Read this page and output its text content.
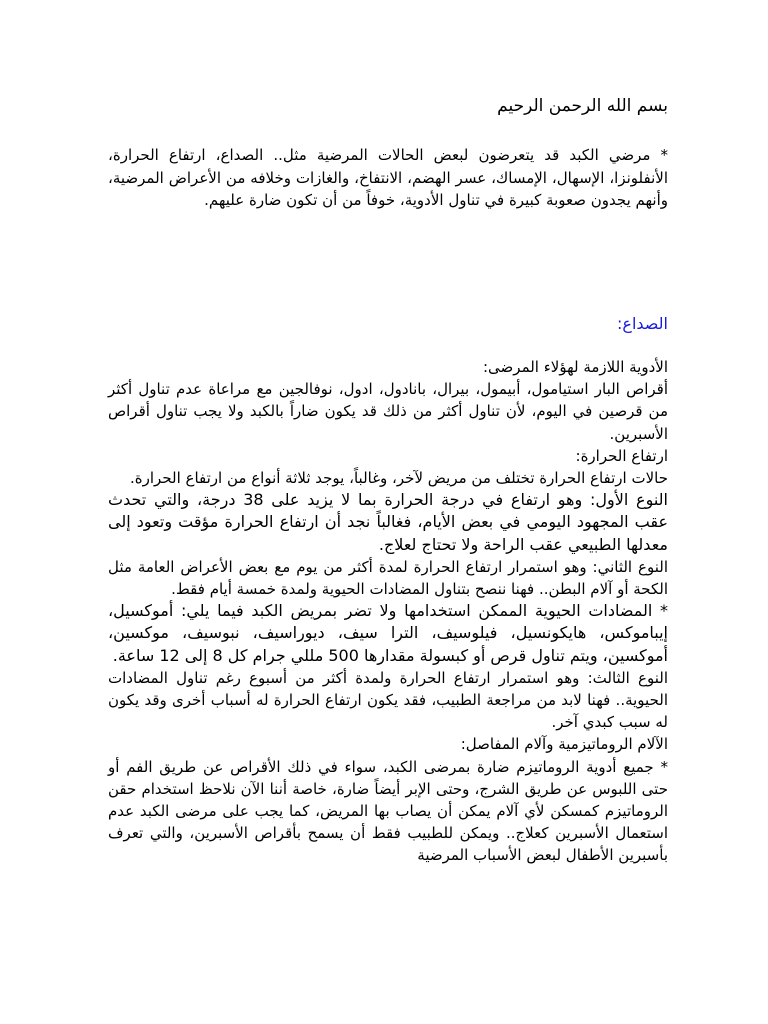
بسم الله الرحمن الرحيم

* مرضي الكبد قد يتعرضون لبعض الحالات المرضية مثل.. الصداع، ارتفاع الحرارة، الأنفلونزا، الإسهال، الإمساك، عسر الهضم، الانتفاخ، والغازات وخلافه من الأعراض المرضية، وأنهم يجدون صعوبة كبيرة في تناول الأدوية، خوفاً من أن تكون ضارة عليهم.

الصداع:

الأدوية اللازمة لهؤلاء المرضى:

أقراص البار استيامول، أبيمول، بيرال، بانادول، ادول، نوفالجين مع مراعاة عدم تناول أكثر من قرصين في اليوم، لأن تناول أكثر من ذلك قد يكون ضاراً بالكبد ولا يجب تناول أقراص الأسبرين.

ارتفاع الحرارة:

حالات ارتفاع الحرارة تختلف من مريض لآخر، وغالباً، يوجد ثلاثة أنواع من ارتفاع الحرارة.

النوع الأول: وهو ارتفاع في درجة الحرارة بما لا يزيد على 38 درجة، والتي تحدث عقب المجهود اليومي في بعض الأيام، فغالباً نجد أن ارتفاع الحرارة مؤقت وتعود إلى معدلها الطبيعي عقب الراحة ولا تحتاج لعلاج.

النوع الثاني: وهو استمرار ارتفاع الحرارة لمدة أكثر من يوم مع بعض الأعراض العامة مثل الكحة أو آلام البطن.. فهنا ننصح بتناول المضادات الحيوية ولمدة خمسة أيام فقط.

* المضادات الحيوية الممكن استخدامها ولا تضر بمريض الكبد فيما يلي: أموكسيل، إيباموكس، هايكونسيل، فيلوسيف، الترا سيف، ديوراسيف، نبوسيف، موكسين، أموكسين، ويتم تناول قرص أو كبسولة مقدارها 500 مللي جرام كل 8 إلى 12 ساعة.

النوع الثالث: وهو استمرار ارتفاع الحرارة ولمدة أكثر من أسبوع رغم تناول المضادات الحيوية.. فهنا لابد من مراجعة الطبيب، فقد يكون ارتفاع الحرارة له أسباب أخرى وقد يكون له سبب كبدي آخر.

الآلام الروماتيزمية وآلام المفاصل:

* جميع أدوية الروماتيزم ضارة بمرضى الكبد، سواء في ذلك الأقراص عن طريق الفم أو حتى اللبوس عن طريق الشرج، وحتى الإبر أيضاً ضارة، خاصة أننا الآن نلاحظ استخدام حقن الروماتيزم كمسكن لأي آلام يمكن أن يصاب بها المريض، كما يجب على مرضى الكبد عدم استعمال الأسبرين كعلاج.. ويمكن للطبيب فقط أن يسمح بأقراص الأسبرين، والتي تعرف بأسبرين الأطفال لبعض الأسباب المرضية
